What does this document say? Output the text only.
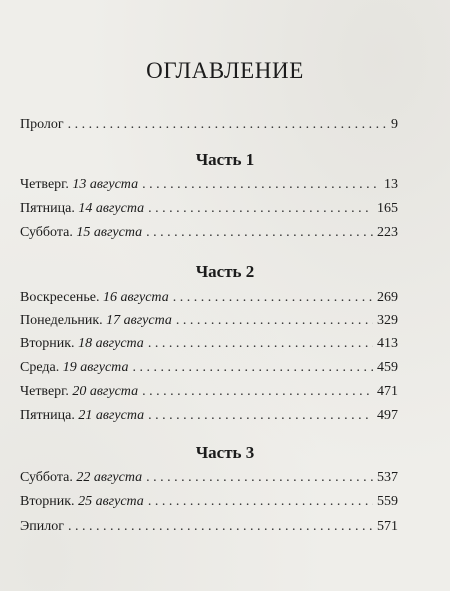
ОГЛАВЛЕНИЕ
Пролог . . .	9
Часть 1
Четверг. 13 августа . . .	13
Пятница. 14 августа . . .	165
Суббота. 15 августа . . .	223
Часть 2
Воскресенье. 16 августа . . .	269
Понедельник. 17 августа . . .	329
Вторник. 18 августа . . .	413
Среда. 19 августа . . .	459
Четверг. 20 августа . . .	471
Пятница. 21 августа . . .	497
Часть 3
Суббота. 22 августа . . .	537
Вторник. 25 августа . . .	559
Эпилог . . .	571
